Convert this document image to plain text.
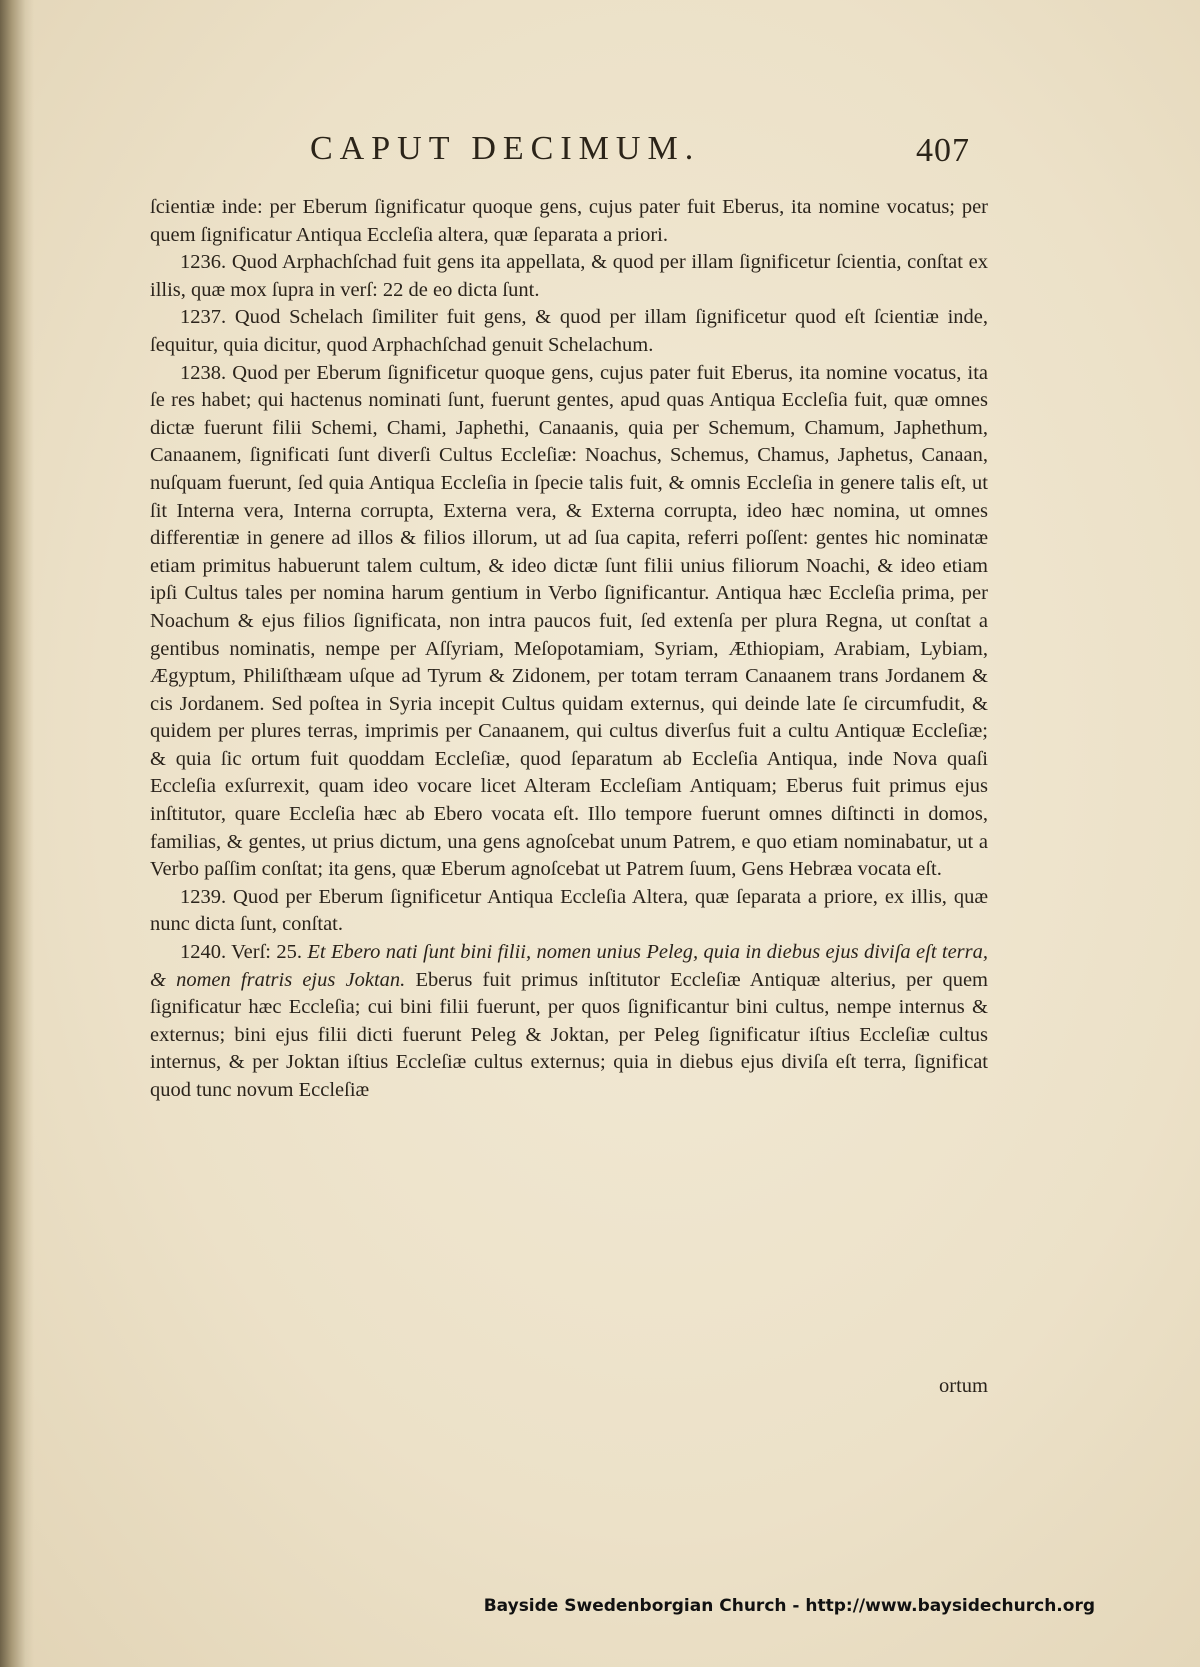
CAPUT DECIMUM.	407

ſcientiæ inde: per Eberum ſignificatur quoque gens, cujus pater fuit Eberus, ita nomine vocatus; per quem ſignificatur Antiqua Eccleſia altera, quæ ſeparata a priori.

1236. Quod Arphachſchad fuit gens ita appellata, & quod per illam ſignificetur ſcientia, conſtat ex illis, quæ mox ſupra in verſ: 22 de eo dicta ſunt.

1237. Quod Schelach ſimiliter fuit gens, & quod per illam ſignificetur quod eſt ſcientiæ inde, ſequitur, quia dicitur, quod Arphachſchad genuit Schelachum.

1238. Quod per Eberum ſignificetur quoque gens, cujus pater fuit Eberus, ita nomine vocatus, ita ſe res habet; qui hactenus nominati ſunt, fuerunt gentes, apud quas Antiqua Eccleſia fuit, quæ omnes dictæ fuerunt filii Schemi, Chami, Japhethi, Canaanis, quia per Schemum, Chamum, Japhethum, Canaanem, ſignificati ſunt diverſi Cultus Eccleſiæ: Noachus, Schemus, Chamus, Japhetus, Canaan, nuſquam fuerunt, ſed quia Antiqua Eccleſia in ſpecie talis fuit, & omnis Eccleſia in genere talis eſt, ut ſit Interna vera, Interna corrupta, Externa vera, & Externa corrupta, ideo hæc nomina, ut omnes differentiæ in genere ad illos & filios illorum, ut ad ſua capita, referri poſſent: gentes hic nominatæ etiam primitus habuerunt talem cultum, & ideo dictæ ſunt filii unius filiorum Noachi, & ideo etiam ipſi Cultus tales per nomina harum gentium in Verbo ſignificantur. Antiqua hæc Eccleſia prima, per Noachum & ejus filios ſignificata, non intra paucos fuit, ſed extenſa per plura Regna, ut conſtat a gentibus nominatis, nempe per Aſſyriam, Meſopotamiam, Syriam, Æthiopiam, Arabiam, Lybiam, Ægyptum, Philiſthæam uſque ad Tyrum & Zidonem, per totam terram Canaanem trans Jordanem & cis Jordanem. Sed poſtea in Syria incepit Cultus quidam externus, qui deinde late ſe circumfudit, & quidem per plures terras, imprimis per Canaanem, qui cultus diverſus fuit a cultu Antiquæ Eccleſiæ; & quia ſic ortum fuit quoddam Eccleſiæ, quod ſeparatum ab Eccleſia Antiqua, inde Nova quaſi Eccleſia exſurrexit, quam ideo vocare licet Alteram Eccleſiam Antiquam; Eberus fuit primus ejus inſtitutor, quare Eccleſia hæc ab Ebero vocata eſt. Illo tempore fuerunt omnes diſtincti in domos, familias, & gentes, ut prius dictum, una gens agnoſcebat unum Patrem, e quo etiam nominabatur, ut a Verbo paſſim conſtat; ita gens, quæ Eberum agnoſcebat ut Patrem ſuum, Gens Hebræa vocata eſt.

1239. Quod per Eberum ſignificetur Antiqua Eccleſia Altera, quæ ſeparata a priore, ex illis, quæ nunc dicta ſunt, conſtat.

1240. Verſ: 25. Et Ebero nati ſunt bini filii, nomen unius Peleg, quia in diebus ejus diviſa eſt terra, & nomen fratris ejus Joktan. Eberus fuit primus inſtitutor Eccleſiæ Antiquæ alterius, per quem ſignificatur hæc Eccleſia; cui bini filii fuerunt, per quos ſignificantur bini cultus, nempe internus & externus; bini ejus filii dicti fuerunt Peleg & Joktan, per Peleg ſignificatur iſtius Eccleſiæ cultus internus, & per Joktan iſtius Eccleſiæ cultus externus; quia in diebus ejus diviſa eſt terra, ſignificat quod tunc novum Eccleſiæ

ortum
Bayside Swedenborgian Church - http://www.baysidechurch.org
